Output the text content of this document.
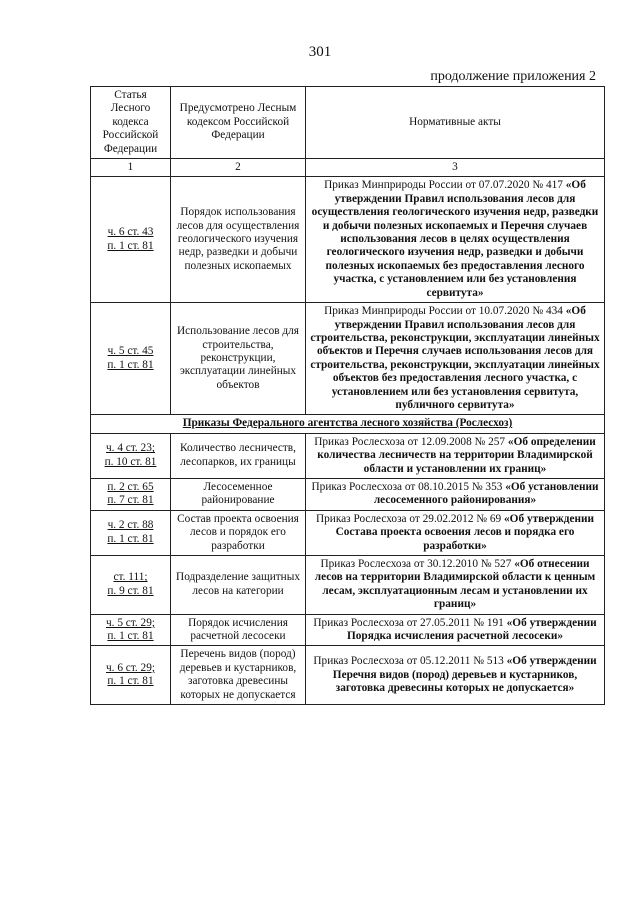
301
продолжение приложения 2
Статья Лесного кодекса Российской Федерации	Предусмотрено Лесным кодексом Российской Федерации	Нормативные акты
1	2	3

ч. 6 ст. 43
п. 1 ст. 81	Порядок использования лесов для осуществления геологического изучения недр, разведки и добычи полезных ископаемых	Приказ Минприроды России от 07.07.2020 № 417 «Об утверждении Правил использования лесов для осуществления геологического изучения недр, разведки и добычи полезных ископаемых и Перечня случаев использования лесов в целях осуществления геологического изучения недр, разведки и добычи полезных ископаемых без предоставления лесного участка, с установлением или без установления сервитута»

ч. 5 ст. 45
п. 1 ст. 81	Использование лесов для строительства, реконструкции, эксплуатации линейных объектов	Приказ Минприроды России от 10.07.2020 № 434 «Об утверждении Правил использования лесов для строительства, реконструкции, эксплуатации линейных объектов и Перечня случаев использования лесов для строительства, реконструкции, эксплуатации линейных объектов без предоставления лесного участка, с установлением или без установления сервитута, публичного сервитута»
Приказы Федерального агентства лесного хозяйства (Рослесхоз)		

ч. 4 ст. 23;
п. 10 ст. 81	Количество лесничеств, лесопарков, их границы	Приказ Рослесхоза от 12.09.2008 № 257 «Об определении количества лесничеств на территории Владимирской области и установлении их границ»

п. 2 ст. 65
п. 7 ст. 81	Лесосеменное районирование	Приказ Рослесхоза от 08.10.2015 № 353 «Об установлении лесосеменного районирования»

ч. 2 ст. 88
п. 1 ст. 81	Состав проекта освоения лесов и порядок его разработки	Приказ Рослесхоза от 29.02.2012 № 69 «Об утверждении Состава проекта освоения лесов и порядка его разработки»

ст. 111;
п. 9 ст. 81	Подразделение защитных лесов на категории	Приказ Рослесхоза от 30.12.2010 № 527 «Об отнесении лесов на территории Владимирской области к ценным лесам, эксплуатационным лесам и установлении их границ»

ч. 5 ст. 29;
п. 1 ст. 81	Порядок исчисления расчетной лесосеки	Приказ Рослесхоза от 27.05.2011 № 191 «Об утверждении Порядка исчисления расчетной лесосеки»

ч. 6 ст. 29;
п. 1 ст. 81	Перечень видов (пород) деревьев и кустарников, заготовка древесины которых не допускается	Приказ Рослесхоза от 05.12.2011 № 513 «Об утверждении Перечня видов (пород) деревьев и кустарников, заготовка древесины которых не допускается»
